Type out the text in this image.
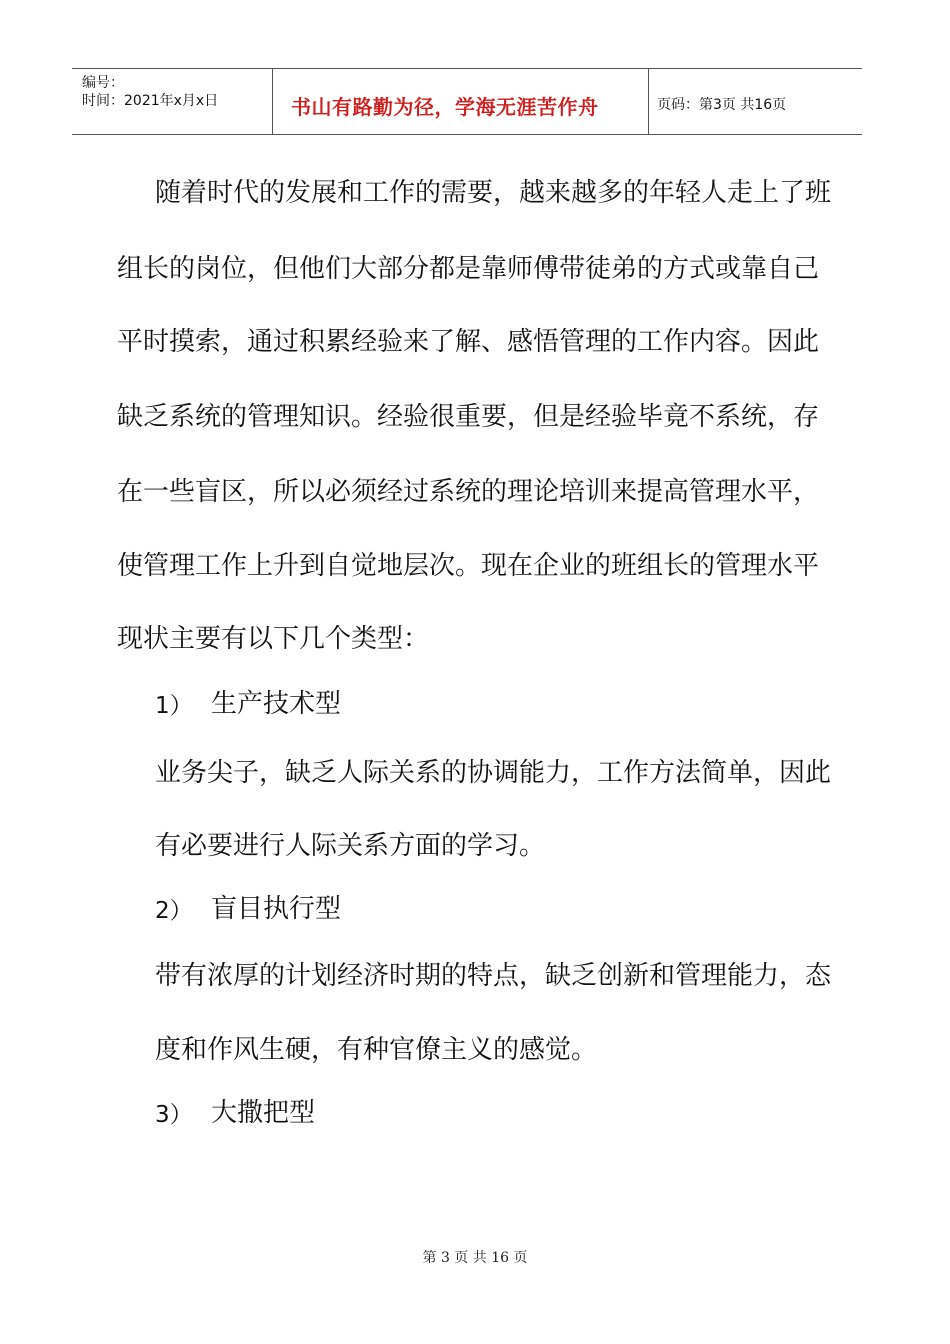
编号：
时间：2021年x月x日	书山有路勤为径，学海无涯苦作舟	页码：第3页 共16页
随着时代的发展和工作的需要，越来越多的年轻人走上了班
组长的岗位，但他们大部分都是靠师傅带徒弟的方式或靠自己
平时摸索，通过积累经验来了解、感悟管理的工作内容。因此
缺乏系统的管理知识。经验很重要，但是经验毕竟不系统，存
在一些盲区，所以必须经过系统的理论培训来提高管理水平，
使管理工作上升到自觉地层次。现在企业的班组长的管理水平
现状主要有以下几个类型：
1） 生产技术型
业务尖子，缺乏人际关系的协调能力，工作方法简单，因此
有必要进行人际关系方面的学习。
2） 盲目执行型
带有浓厚的计划经济时期的特点，缺乏创新和管理能力，态
度和作风生硬，有种官僚主义的感觉。
3） 大撒把型
第 3 页 共 16 页
